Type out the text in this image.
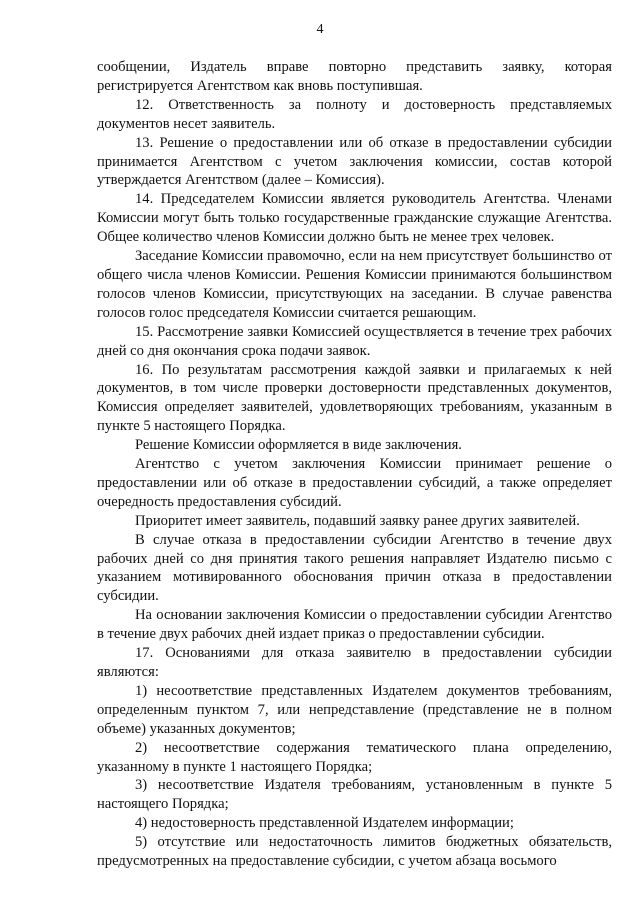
4

сообщении, Издатель вправе повторно представить заявку, которая регистрируется Агентством как вновь поступившая.

12. Ответственность за полноту и достоверность представляемых документов несет заявитель.

13. Решение о предоставлении или об отказе в предоставлении субсидии принимается Агентством с учетом заключения комиссии, состав которой утверждается Агентством (далее – Комиссия).

14. Председателем Комиссии является руководитель Агентства. Членами Комиссии могут быть только государственные гражданские служащие Агентства. Общее количество членов Комиссии должно быть не менее трех человек.

Заседание Комиссии правомочно, если на нем присутствует большинство от общего числа членов Комиссии. Решения Комиссии принимаются большинством голосов членов Комиссии, присутствующих на заседании. В случае равенства голосов голос председателя Комиссии считается решающим.

15. Рассмотрение заявки Комиссией осуществляется в течение трех рабочих дней со дня окончания срока подачи заявок.

16. По результатам рассмотрения каждой заявки и прилагаемых к ней документов, в том числе проверки достоверности представленных документов, Комиссия определяет заявителей, удовлетворяющих требованиям, указанным в пункте 5 настоящего Порядка.

Решение Комиссии оформляется в виде заключения.

Агентство с учетом заключения Комиссии принимает решение о предоставлении или об отказе в предоставлении субсидий, а также определяет очередность предоставления субсидий.

Приоритет имеет заявитель, подавший заявку ранее других заявителей.

В случае отказа в предоставлении субсидии Агентство в течение двух рабочих дней со дня принятия такого решения направляет Издателю письмо с указанием мотивированного обоснования причин отказа в предоставлении субсидии.

На основании заключения Комиссии о предоставлении субсидии Агентство в течение двух рабочих дней издает приказ о предоставлении субсидии.

17. Основаниями для отказа заявителю в предоставлении субсидии являются:

1) несоответствие представленных Издателем документов требованиям, определенным пунктом 7, или непредставление (представление не в полном объеме) указанных документов;

2) несоответствие содержания тематического плана определению, указанному в пункте 1 настоящего Порядка;

3) несоответствие Издателя требованиям, установленным в пункте 5 настоящего Порядка;

4) недостоверность представленной Издателем информации;

5) отсутствие или недостаточность лимитов бюджетных обязательств, предусмотренных на предоставление субсидии, с учетом абзаца восьмого
